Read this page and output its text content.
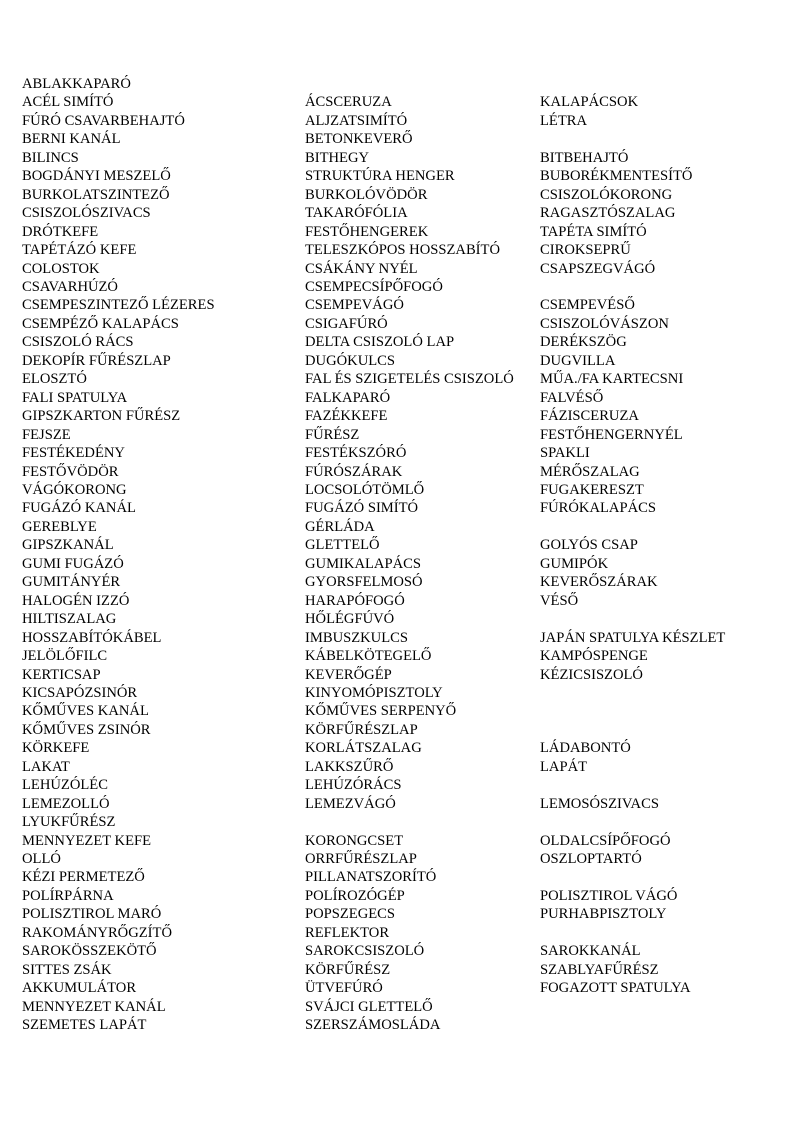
ABLAKKAPARÓ		
ACÉL SIMÍTÓ	ÁCSCERUZA	KALAPÁCSOK
FÚRÓ CSAVARBEHAJTÓ	ALJZATSIMÍTÓ	LÉTRA
BERNI KANÁL	BETONKEVERŐ	
BILINCS	BITHEGY	BITBEHAJTÓ
BOGDÁNYI MESZELŐ	STRUKTÚRA HENGER	BUBORÉKMENTESÍTŐ
BURKOLATSZINTEZŐ	BURKOLÓVÖDÖR	CSISZOLÓKORONG
CSISZOLÓSZIVACS	TAKARÓFÓLIA	RAGASZTÓSZALAG
DRÓTKEFE	FESTŐHENGEREK	TAPÉTA SIMÍTÓ
TAPÉTÁZÓ KEFE	TELESZKÓPOS HOSSZABÍTÓ	CIROKSEPRŰ
COLOSTOK	CSÁKÁNY NYÉL	CSAPSZEGVÁGÓ
CSAVARHÚZÓ	CSEMPECSÍPŐFOGÓ	
CSEMPESZINTEZŐ LÉZERES	CSEMPEVÁGÓ	CSEMPEVÉSŐ
CSEMPÉZŐ KALAPÁCS	CSIGAFÚRÓ	CSISZOLÓVÁSZON
CSISZOLÓ RÁCS	DELTA CSISZOLÓ LAP	DERÉKSZÖG
DEKOPÍR FŰRÉSZLAP	DUGÓKULCS	DUGVILLA
ELOSZTÓ	FAL ÉS SZIGETELÉS CSISZOLÓ	MŰA./FA KARTECSNI
FALI SPATULYA	FALKAPARÓ	FALVÉSŐ
GIPSZKARTON FŰRÉSZ	FAZÉKKEFE	FÁZISCERUZA
FEJSZE	FŰRÉSZ	FESTŐHENGERNYÉL
FESTÉKEDÉNY	FESTÉKSZÓRÓ	SPAKLI
FESTŐVÖDÖR	FÚRÓSZÁRAK	MÉRŐSZALAG
VÁGÓKORONG	LOCSOLÓTÖMLŐ	FUGAKERESZT
FUGÁZÓ KANÁL	FUGÁZÓ SIMÍTÓ	FÚRÓKALAPÁCS
GEREBLYE	GÉRLÁDA	
GIPSZKANÁL	GLETTELŐ	GOLYÓS CSAP
GUMI FUGÁZÓ	GUMIKALAPÁCS	GUMIPÓK
GUMITÁNYÉR	GYORSFELMOSÓ	KEVERŐSZÁRAK
HALOGÉN IZZÓ	HARAPÓFOGÓ	VÉSŐ
HILTISZALAG	HŐLÉGFÚVÓ	
HOSSZABÍTÓKÁBEL	IMBUSZKULCS	JAPÁN SPATULYA KÉSZLET
JELÖLŐFILC	KÁBELKÖTEGELŐ	KAMPÓSPENGE
KERTICSAP	KEVERŐGÉP	KÉZICSISZOLÓ
KICSAPÓZSINÓR	KINYOMÓPISZTOLY	
KŐMŰVES KANÁL	KŐMŰVES SERPENYŐ	
KŐMŰVES ZSINÓR	KÖRFŰRÉSZLAP	
KÖRKEFE	KORLÁTSZALAG	LÁDABONTÓ
LAKAT	LAKKSZŰRŐ	LAPÁT
LEHÚZÓLÉC	LEHÚZÓRÁCS	
LEMEZOLLÓ	LEMEZVÁGÓ	LEMOSÓSZIVACS
LYUKFŰRÉSZ		
MENNYEZET KEFE	KORONGCSET	OLDALCSÍPŐFOGÓ
OLLÓ	ORRFŰRÉSZLAP	OSZLOPTARTÓ
KÉZI PERMETEZŐ	PILLANATSZORÍTÓ	
POLÍRPÁRNA	POLÍROZÓGÉP	POLISZTIROL VÁGÓ
POLISZTIROL MARÓ	POPSZEGECS	PURHABPISZTOLY
RAKOMÁNYRŐGZÍTŐ	REFLEKTOR	
SAROKÖSSZEKÖTŐ	SAROKCSISZOLÓ	SAROKKANÁL
SITTES ZSÁK	KÖRFŰRÉSZ	SZABLYAFŰRÉSZ
AKKUMULÁTOR	ÜTVEFÚRÓ	FOGAZOTT SPATULYA
MENNYEZET KANÁL	SVÁJCI GLETTELŐ	
SZEMETES LAPÁT	SZERSZÁMOSLÁDA	
